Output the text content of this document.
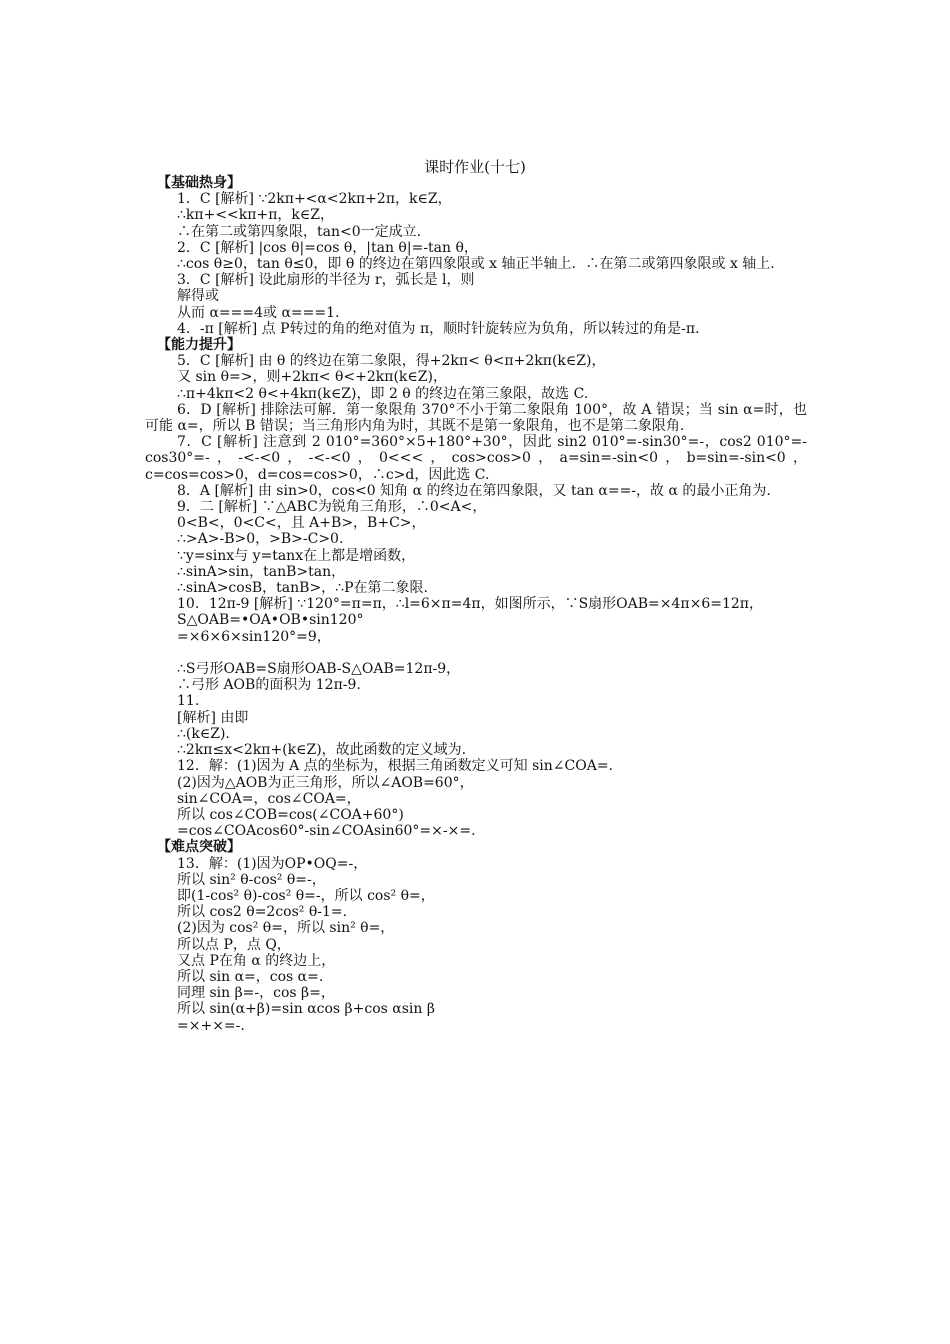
课时作业(十七)
【基础热身】
1．C [解析] ∵2kπ+<α<2kπ+2π，k∈Z，
∴kπ+<<kπ+π，k∈Z，
∴在第二或第四象限，tan<0一定成立.
2．C [解析] |cos θ|=cos θ，|tan θ|=-tan θ，
∴cos θ≥0，tan θ≤0，即 θ 的终边在第四象限或 x 轴正半轴上．∴在第二或第四象限或 x 轴上.
3．C [解析] 设此扇形的半径为 r，弧长是 l，则
解得或
从而 α===4或 α===1.
4．-π [解析] 点 P转过的角的绝对值为 π，顺时针旋转应为负角，所以转过的角是-π.
【能力提升】
5．C [解析] 由 θ 的终边在第二象限，得+2kπ< θ<π+2kπ(k∈Z)，
又 sin θ=>，则+2kπ< θ<+2kπ(k∈Z)，
∴π+4kπ<2 θ<+4kπ(k∈Z)，即 2 θ 的终边在第三象限，故选 C.
6．D [解析] 排除法可解．第一象限角 370°不小于第二象限角 100°，故 A 错误；当 sin α=时，也可能 α=，所以 B 错误；当三角形内角为时，其既不是第一象限角，也不是第二象限角.
7．C [解析] 注意到 2 010°=360°×5+180°+30°，因此 sin2 010°=-sin30°=-，cos2 010°=-cos30°=-，-<-<0，-<-<0，0<<<，cos>cos>0，a=sin=-sin<0，b=sin=-sin<0，c=cos=cos>0，d=cos=cos>0，∴c>d，因此选 C.
8．A [解析] 由 sin>0，cos<0 知角 α 的终边在第四象限，又 tan α==-，故 α 的最小正角为.
9．二 [解析] ∵△ABC为锐角三角形，∴0<A<，
0<B<，0<C<，且 A+B>，B+C>，
∴>A>-B>0，>B>-C>0.
∵y=sinx与 y=tanx在上都是增函数，
∴sinA>sin，tanB>tan，
∴sinA>cosB，tanB>，∴P在第二象限.
10．12π-9 [解析] ∵120°=π=π，∴l=6×π=4π，如图所示，∵S扇形OAB=×4π×6=12π，
S△OAB=•OA•OB•sin120°
=×6×6×sin120°=9，
∴S弓形OAB=S扇形OAB-S△OAB=12π-9，
∴弓形 AOB的面积为 12π-9.
11.
[解析] 由即
∴(k∈Z).
∴2kπ≤x<2kπ+(k∈Z)，故此函数的定义域为.
12．解：(1)因为 A 点的坐标为，根据三角函数定义可知 sin∠COA=.
(2)因为△AOB为正三角形，所以∠AOB=60°，
sin∠COA=，cos∠COA=，
所以 cos∠COB=cos(∠COA+60°)
=cos∠COAcos60°-sin∠COAsin60°=×-×=.
【难点突破】
13．解：(1)因为OP•OQ=-，
所以 sin² θ-cos² θ=-，
即(1-cos² θ)-cos² θ=-，所以 cos² θ=，
所以 cos2 θ=2cos² θ-1=.
(2)因为 cos² θ=，所以 sin² θ=，
所以点 P，点 Q，
又点 P在角 α 的终边上，
所以 sin α=，cos α=.
同理 sin β=-，cos β=，
所以 sin(α+β)=sin αcos β+cos αsin β
=×+×=-.
